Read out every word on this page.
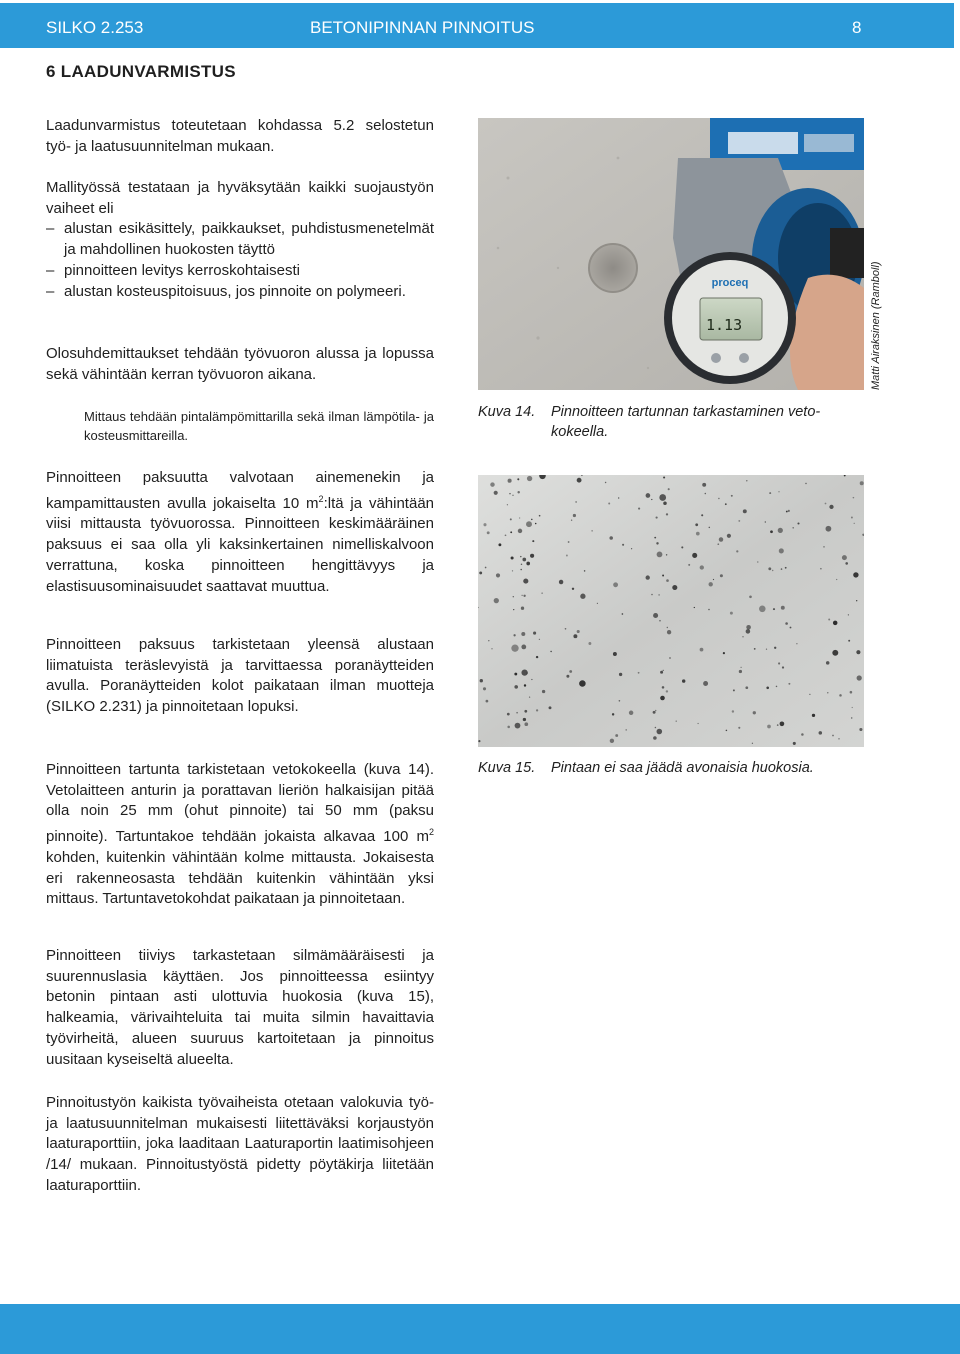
SILKO 2.253	BETONIPINNAN PINNOITUS	8
6 LAADUNVARMISTUS

Laadunvarmistus toteutetaan kohdassa 5.2 selostetun työ- ja laatusuunnitelman mukaan.

Mallityössä testataan ja hyväksytään kaikki suojaustyön vaiheet eli
– alustan esikäsittely, paikkaukset, puhdistusmenetelmät ja mahdollinen huokosten täyttö
– pinnoitteen levitys kerroskohtaisesti
– alustan kosteuspitoisuus, jos pinnoite on polymeeri.

Olosuhdemittaukset tehdään työvuoron alussa ja lopussa sekä vähintään kerran työvuoron aikana.

Mittaus tehdään pintalämpömittarilla sekä ilman lämpötila- ja kosteusmittareilla.

Pinnoitteen paksuutta valvotaan ainemenekin ja kampamittausten avulla jokaiselta 10 $m^2:ltä$ ja vähintään viisi mittausta työvuorossa. Pinnoitteen keskimääräinen paksuus ei saa olla yli kaksinkertainen nimelliskalvoon verrattuna, koska pinnoitteen hengittävyys ja elastisuusominaisuudet saattavat muuttua.

Pinnoitteen paksuus tarkistetaan yleensä alustaan liimatuista teräslevyistä ja tarvittaessa poranäytteiden avulla. Poranäytteiden kolot paikataan ilman muotteja (SILKO 2.231) ja pinnoitetaan lopuksi.

Pinnoitteen tartunta tarkistetaan vetokokeella (kuva 14). Vetolaitteen anturin ja porattavan lieriön halkaisijan pitää olla noin 25 mm (ohut pinnoite) tai 50 mm (paksu pinnoite). Tartuntakoe tehdään jokaista alkavaa 100 $m^2$ kohden, kuitenkin vähintään kolme mittausta. Jokaisesta eri rakenneosasta tehdään kuitenkin vähintään yksi mittaus. Tartuntavetokohdat paikataan ja pinnoitetaan.

Pinnoitteen tiiviys tarkastetaan silmämääräisesti ja suurennuslasia käyttäen. Jos pinnoitteessa esiintyy betonin pintaan asti ulottuvia huokosia (kuva 15), halkeamia, värivaihteluita tai muita silmin havaittavia työvirheitä, alueen suuruus kartoitetaan ja pinnoitus uusitaan kyseiseltä alueelta.

Pinnoitustyön kaikista työvaiheista otetaan valokuvia työ- ja laatusuunnitelman mukaisesti liitettäväksi korjaustyön laaturaporttiin, joka laaditaan Laaturaportin laatimisohjeen /14/ mukaan. Pinnoitustyöstä pidetty pöytäkirja liitetään laaturaporttiin.

1.13
proceq	Matti Airaksinen (Ramboll)

Kuva 14. Pinnoitteen tartunnan tarkastaminen veto-
kokeella.

Kuva 15. Pintaan ei saa jäädä avonaisia huokosia.
